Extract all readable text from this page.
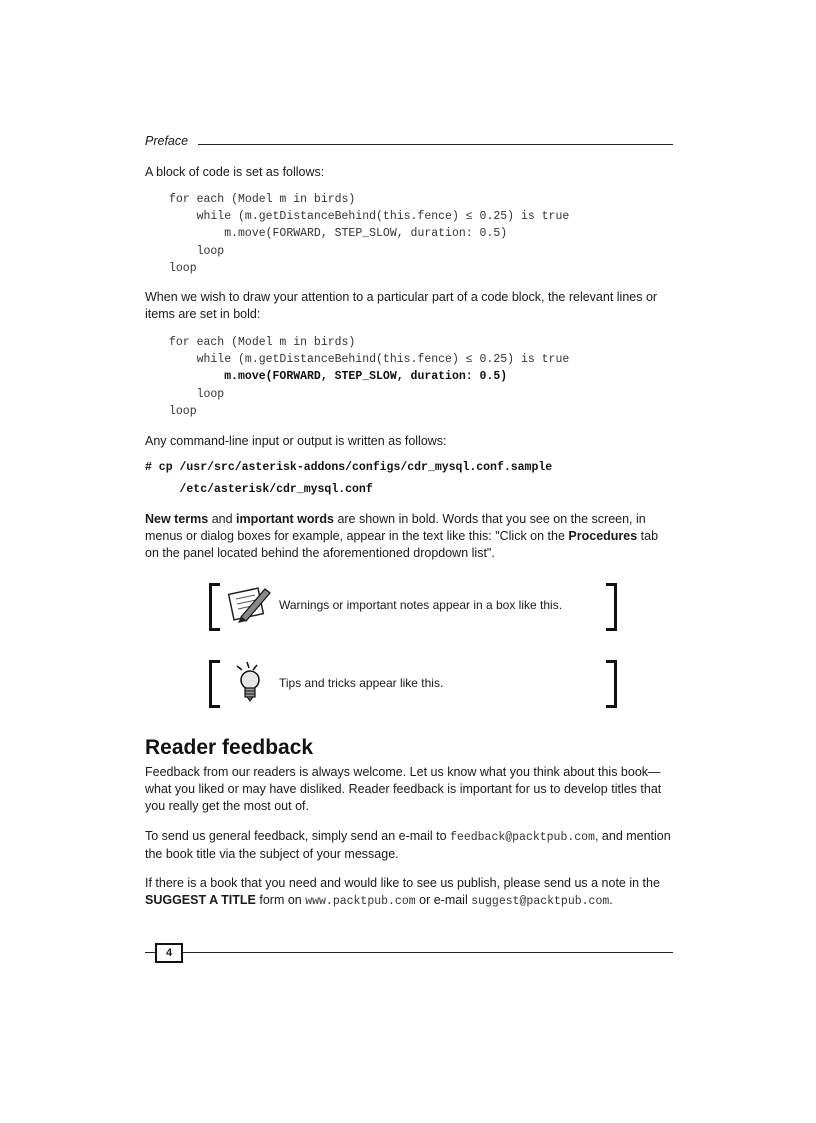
Preface

A block of code is set as follows:

for each (Model m in birds)
while (m.getDistanceBehind(this.fence) ≤ 0.25) is true
m.move(FORWARD, STEP_SLOW, duration: 0.5)
loop
loop

When we wish to draw your attention to a particular part of a code block, the relevant lines or items are set in bold:

for each (Model m in birds)
while (m.getDistanceBehind(this.fence) ≤ 0.25) is true
m.move(FORWARD, STEP_SLOW, duration: 0.5)
loop
loop

Any command-line input or output is written as follows:

# cp /usr/src/asterisk-addons/configs/cdr_mysql.conf.sample
/etc/asterisk/cdr_mysql.conf

New terms and important words are shown in bold. Words that you see on the screen, in menus or dialog boxes for example, appear in the text like this: "Click on the Procedures tab on the panel located behind the aforementioned dropdown list".

Warnings or important notes appear in a box like this.
Tips and tricks appear like this.
Reader feedback

Feedback from our readers is always welcome. Let us know what you think about this book—what you liked or may have disliked. Reader feedback is important for us to develop titles that you really get the most out of.

To send us general feedback, simply send an e-mail to feedback@packtpub.com, and mention the book title via the subject of your message.

If there is a book that you need and would like to see us publish, please send us a note in the SUGGEST A TITLE form on www.packtpub.com or e-mail suggest@packtpub.com.

4
